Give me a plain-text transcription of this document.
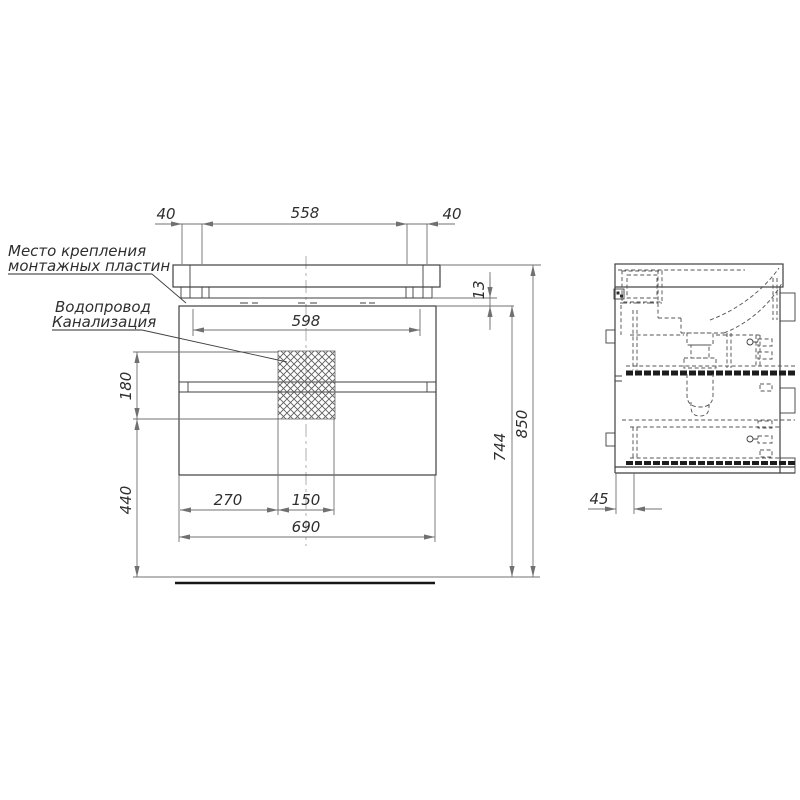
40	558	40
598
13
180
440
744
850
270	150
690
Место крепления
монтажных пластин
Водопровод
Канализация
45
